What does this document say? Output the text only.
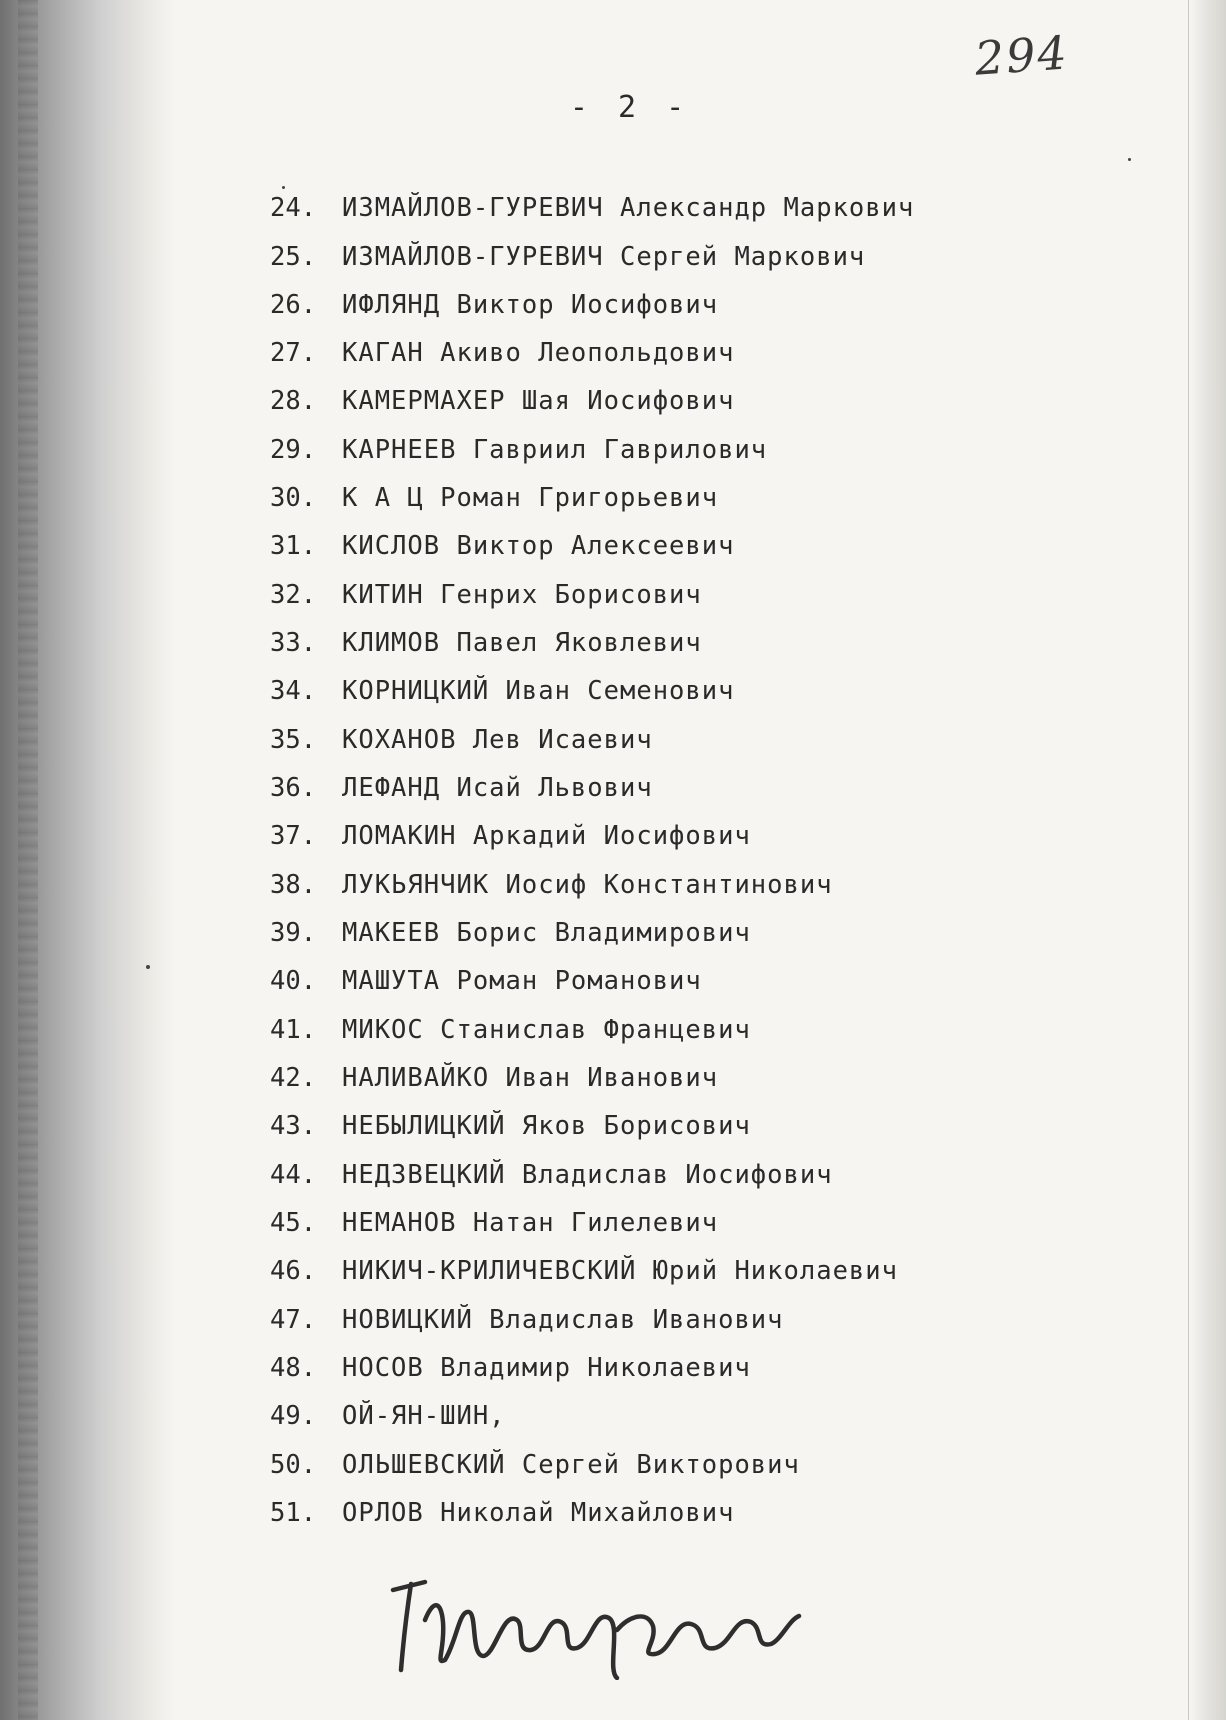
294
- 2 -
24. ИЗМАЙЛОВ-ГУРЕВИЧ Александр Маркович
25. ИЗМАЙЛОВ-ГУРЕВИЧ Сергей Маркович
26. ИФЛЯНД Виктор Иосифович
27. КАГАН Акиво Леопольдович
28. КАМЕРМАХЕР Шая Иосифович
29. КАРНЕЕВ Гавриил Гаврилович
30. К А Ц Роман Григорьевич
31. КИСЛОВ Виктор Алексеевич
32. КИТИН Генрих Борисович
33. КЛИМОВ Павел Яковлевич
34. КОРНИЦКИЙ Иван Семенович
35. КОХАНОВ Лев Исаевич
36. ЛЕФАНД Исай Львович
37. ЛОМАКИН Аркадий Иосифович
38. ЛУКЬЯНЧИК Иосиф Константинович
39. МАКЕЕВ Борис Владимирович
40. МАШУТА Роман Романович
41. МИКОС Станислав Францевич
42. НАЛИВАЙКО Иван Иванович
43. НЕБЫЛИЦКИЙ Яков Борисович
44. НЕДЗВЕЦКИЙ Владислав Иосифович
45. НЕМАНОВ Натан Гилелевич
46. НИКИЧ-КРИЛИЧЕВСКИЙ Юрий Николаевич
47. НОВИЦКИЙ Владислав Иванович
48. НОСОВ Владимир Николаевич
49. ОЙ-ЯН-ШИН,
50. ОЛЬШЕВСКИЙ Сергей Викторович
51. ОРЛОВ Николай Михайлович
